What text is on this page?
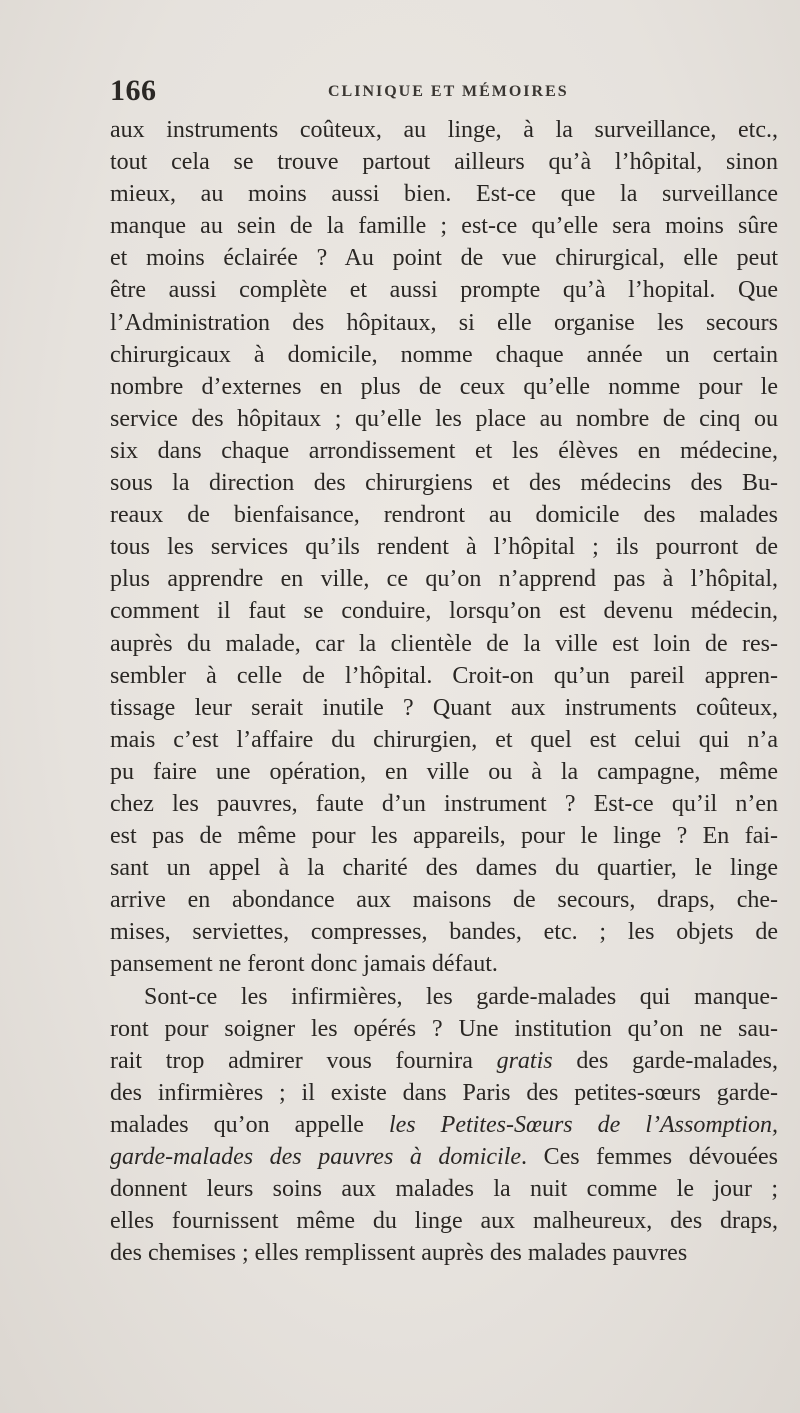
166	CLINIQUE ET MÉMOIRES
aux instruments coûteux, au linge, à la surveillance, etc.,
tout cela se trouve partout ailleurs qu’à l’hôpital, sinon
mieux, au moins aussi bien. Est-ce que la surveillance
manque au sein de la famille ; est-ce qu’elle sera moins sûre
et moins éclairée ? Au point de vue chirurgical, elle peut
être aussi complète et aussi prompte qu’à l’hopital. Que
l’Administration des hôpitaux, si elle organise les secours
chirurgicaux à domicile, nomme chaque année un certain
nombre d’externes en plus de ceux qu’elle nomme pour le
service des hôpitaux ; qu’elle les place au nombre de cinq ou
six dans chaque arrondissement et les élèves en médecine,
sous la direction des chirurgiens et des médecins des Bu-
reaux de bienfaisance, rendront au domicile des malades
tous les services qu’ils rendent à l’hôpital ; ils pourront de
plus apprendre en ville, ce qu’on n’apprend pas à l’hôpital,
comment il faut se conduire, lorsqu’on est devenu médecin,
auprès du malade, car la clientèle de la ville est loin de res-
sembler à celle de l’hôpital. Croit-on qu’un pareil appren-
tissage leur serait inutile ? Quant aux instruments coûteux,
mais c’est l’affaire du chirurgien, et quel est celui qui n’a
pu faire une opération, en ville ou à la campagne, même
chez les pauvres, faute d’un instrument ? Est-ce qu’il n’en
est pas de même pour les appareils, pour le linge ? En fai-
sant un appel à la charité des dames du quartier, le linge
arrive en abondance aux maisons de secours, draps, che-
mises, serviettes, compresses, bandes, etc. ; les objets de
pansement ne feront donc jamais défaut.
Sont-ce les infirmières, les garde-malades qui manque-
ront pour soigner les opérés ? Une institution qu’on ne sau-
rait trop admirer vous fournira gratis des garde-malades,
des infirmières ; il existe dans Paris des petites-sœurs garde-
malades qu’on appelle les Petites-Sœurs de l’Assomption,
garde-malades des pauvres à domicile. Ces femmes dévouées
donnent leurs soins aux malades la nuit comme le jour ;
elles fournissent même du linge aux malheureux, des draps,
des chemises ; elles remplissent auprès des malades pauvres
